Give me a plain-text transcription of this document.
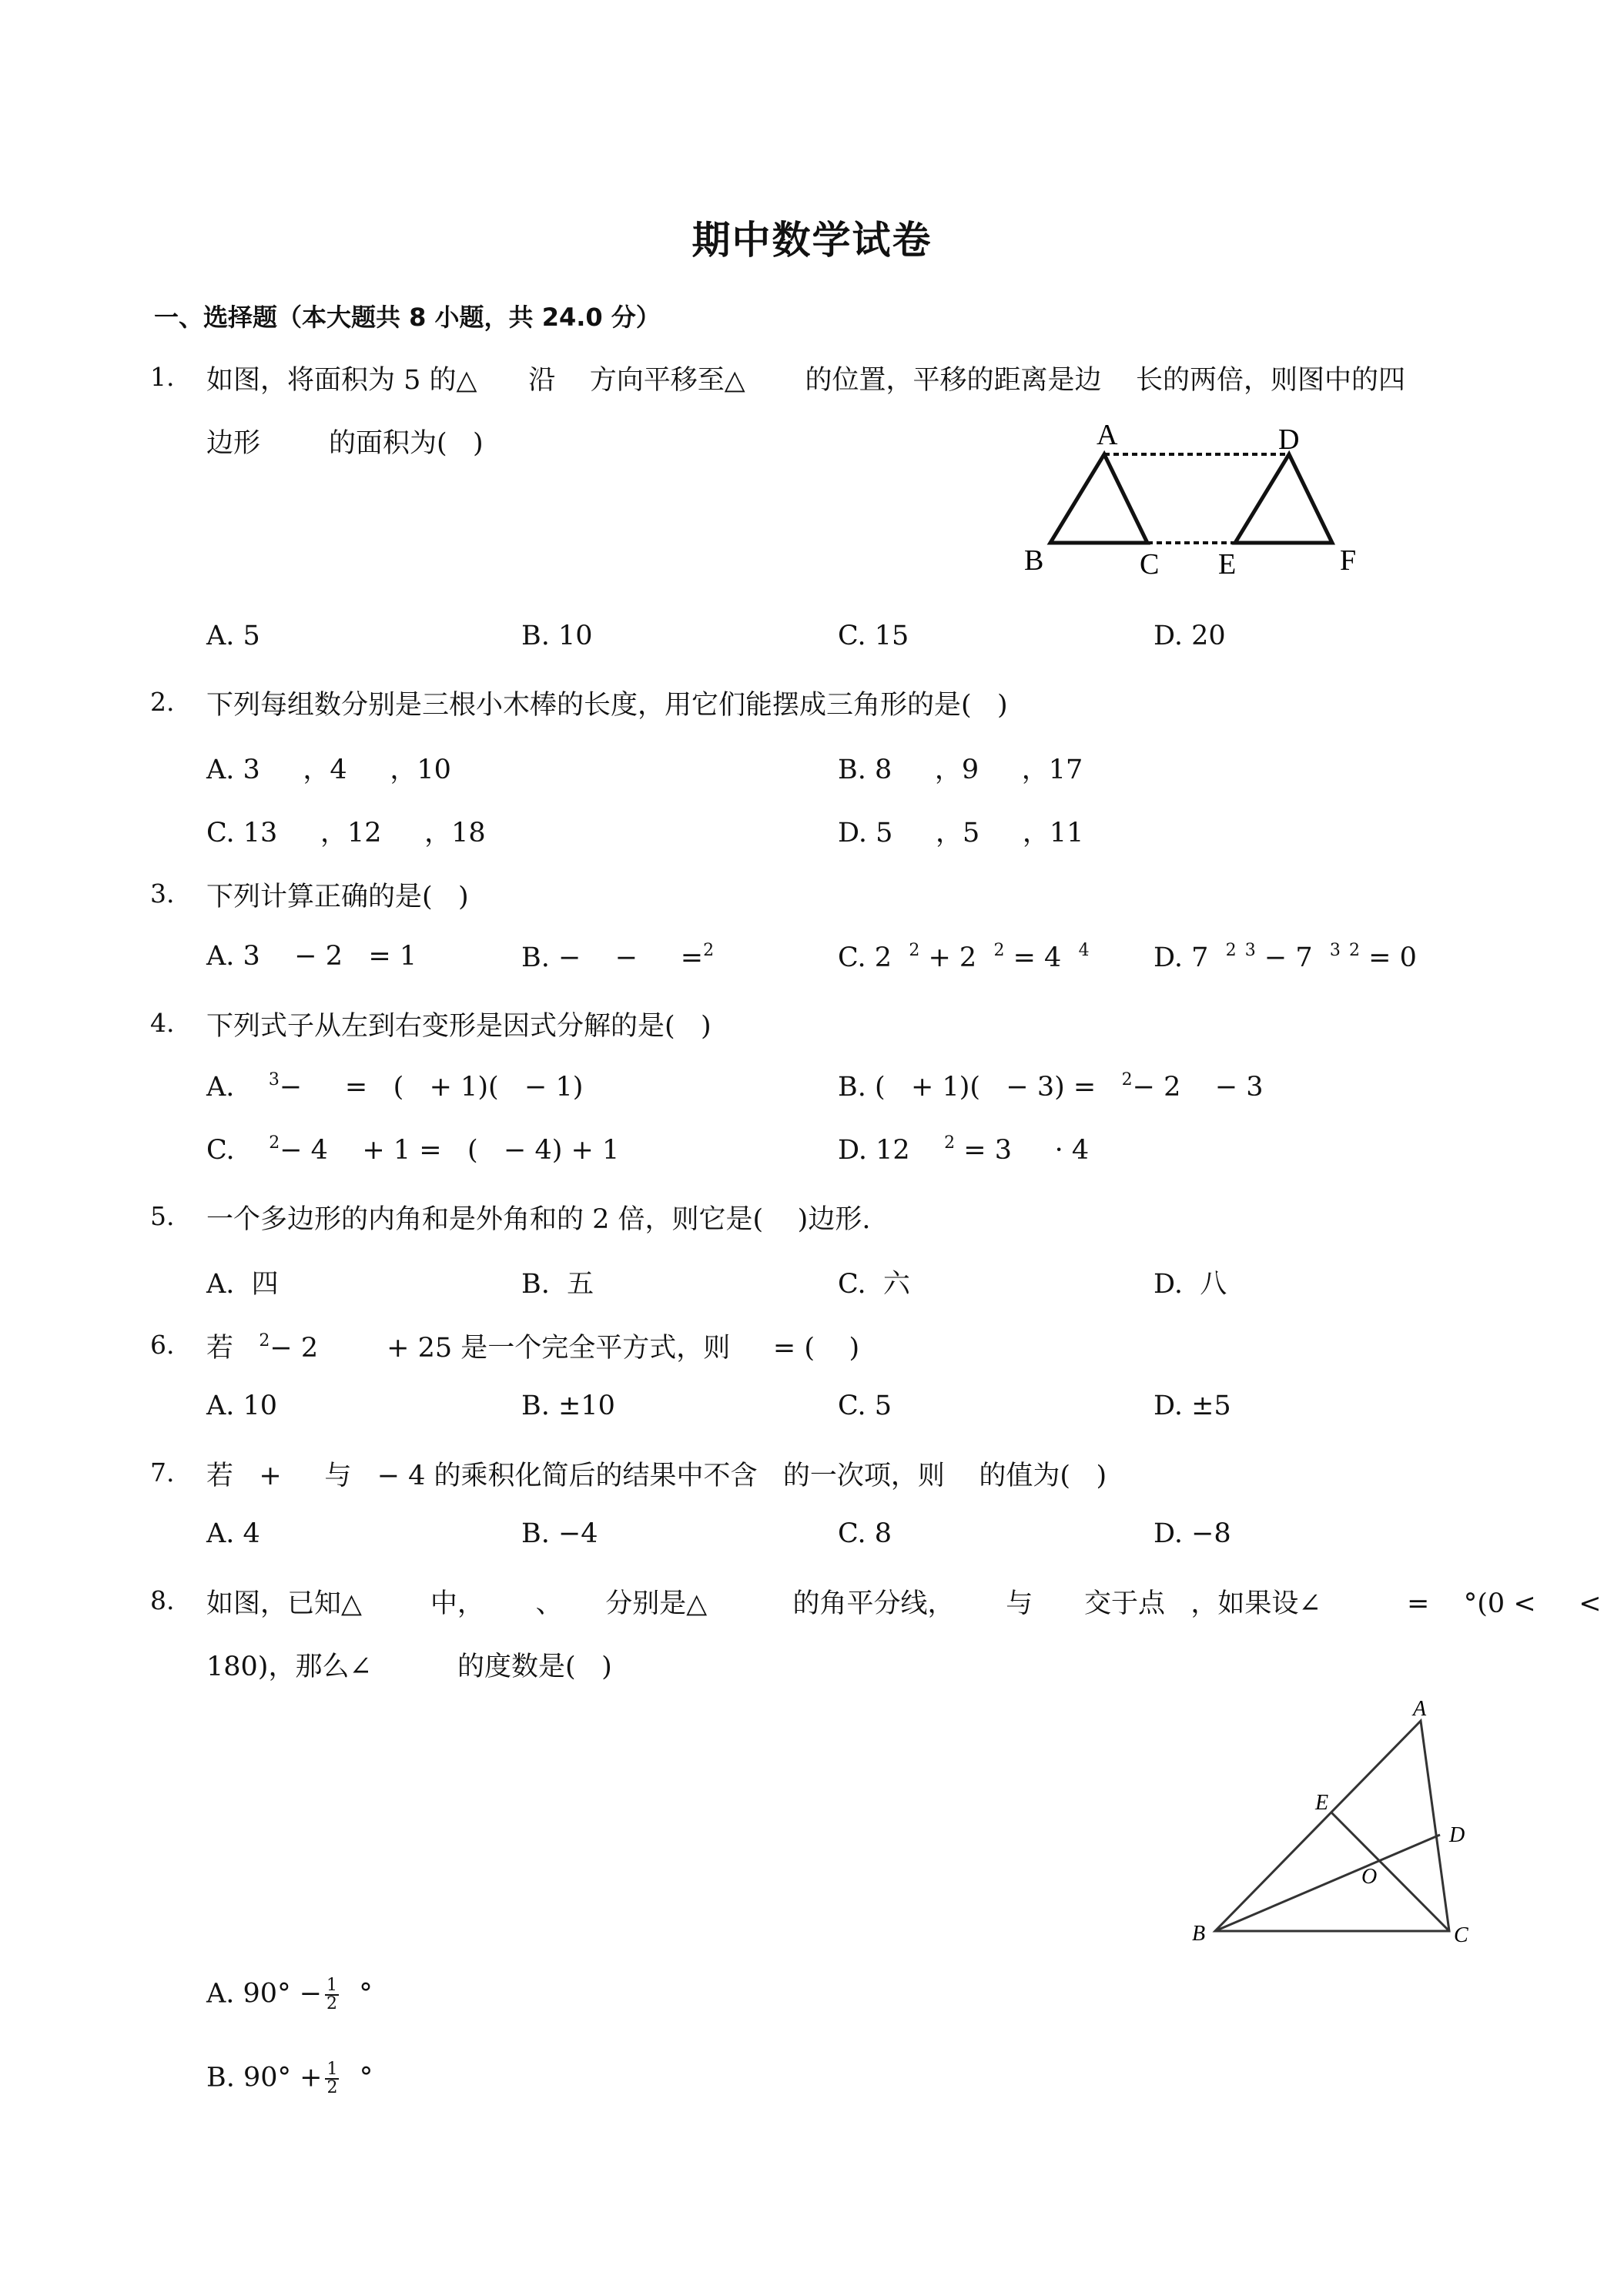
期中数学试卷
一、选择题（本大题共 8 小题，共 24.0 分）
1. 如图，将面积为 5 的△      沿    方向平移至△       的位置，平移的距离是边    长的两倍，则图中的四
边形        的面积为(   )	A	D
B	C E	F
A. 5	B. 10	C. 15	D. 20
2. 下列每组数分别是三根小木棒的长度，用它们能摆成三角形的是(   )
A. 3     ，4     ，10	B. 8     ，9     ，17
C. 13     ，12     ，18	D. 5     ，5     ，11
3. 下列计算正确的是(   )
A. 3    − 2   = 1	B. −    −     =$^2$	C. 2 $^2$ + 2 $^2$ = 4 $^4$ D. 7 $^2$ $^3$ − 7 $^3$ $^2$ = 0
4. 下列式子从左到右变形是因式分解的是(   )
A. $^3$−     =   (   + 1)(   − 1)	B. (   + 1)(   − 3) = $^2$− 2    − 3
C. $^2$− 4    + 1 =   (   − 4) + 1	D. 12 $^2$ = 3     · 4
5. 一个多边形的内角和是外角和的 2 倍，则它是(    )边形.
A.  四	B.  五	C.  六	D.  八
6. 若 $^2$− 2        + 25 是一个完全平方式，则     = (    )
A. 10	B. ±10	C. 5	D. ±5
7. 若   +     与   − 4 的乘积化简后的结果中不含   的一次项，则    的值为(   )
A. 4	B. −4	C. 8	D. −8
8. 如图，已知△        中，      、     分别是△          的角平分线，      与      交于点   ，如果设∠          =    °(0 <     <
180)，那么∠          的度数是(   )
A
E
D
O
B	C
A. $90^\circ - \frac{1}{2}$ °
B. $90^\circ + \frac{1}{2}$ °
